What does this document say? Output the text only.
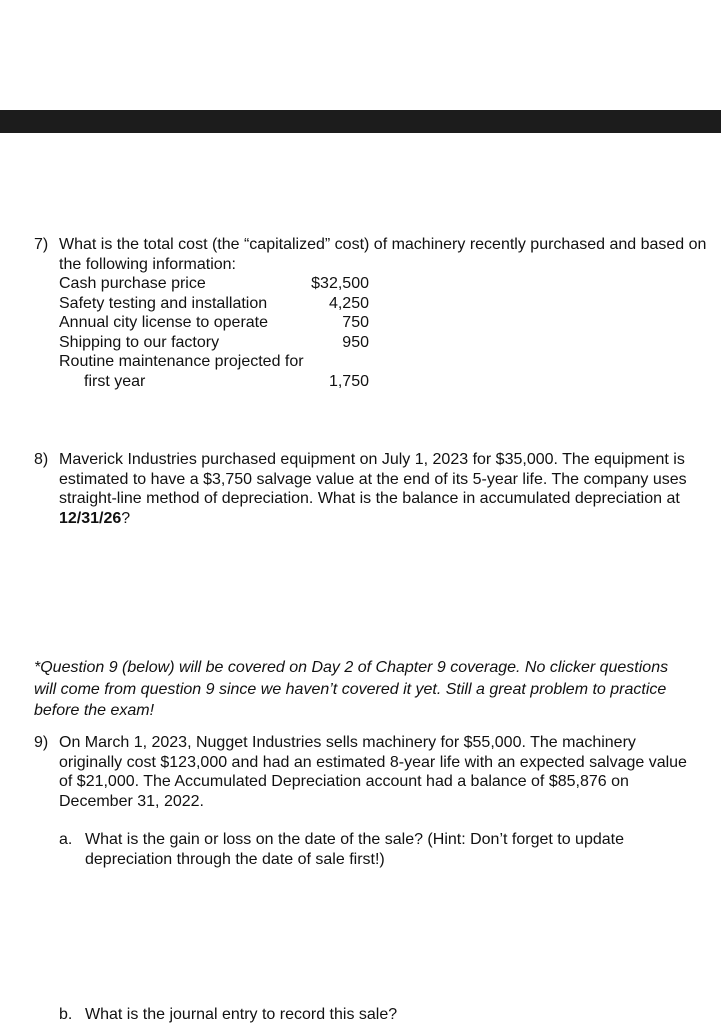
7) What is the total cost (the “capitalized” cost) of machinery recently purchased and based on the following information:
Cash purchase price	$32,500
Safety testing and installation	4,250
Annual city license to operate	750
Shipping to our factory	950
Routine maintenance projected for
first year	1,750
8) Maverick Industries purchased equipment on July 1, 2023 for $35,000. The equipment is estimated to have a $3,750 salvage value at the end of its 5-year life. The company uses straight-line method of depreciation. What is the balance in accumulated depreciation at 12/31/26?
*Question 9 (below) will be covered on Day 2 of Chapter 9 coverage. No clicker questions will come from question 9 since we haven’t covered it yet. Still a great problem to practice before the exam!
9) On March 1, 2023, Nugget Industries sells machinery for $55,000. The machinery originally cost $123,000 and had an estimated 8-year life with an expected salvage value of $21,000. The Accumulated Depreciation account had a balance of $85,876 on December 31, 2022.
a. What is the gain or loss on the date of the sale? (Hint: Don’t forget to update depreciation through the date of sale first!)
b. What is the journal entry to record this sale?
